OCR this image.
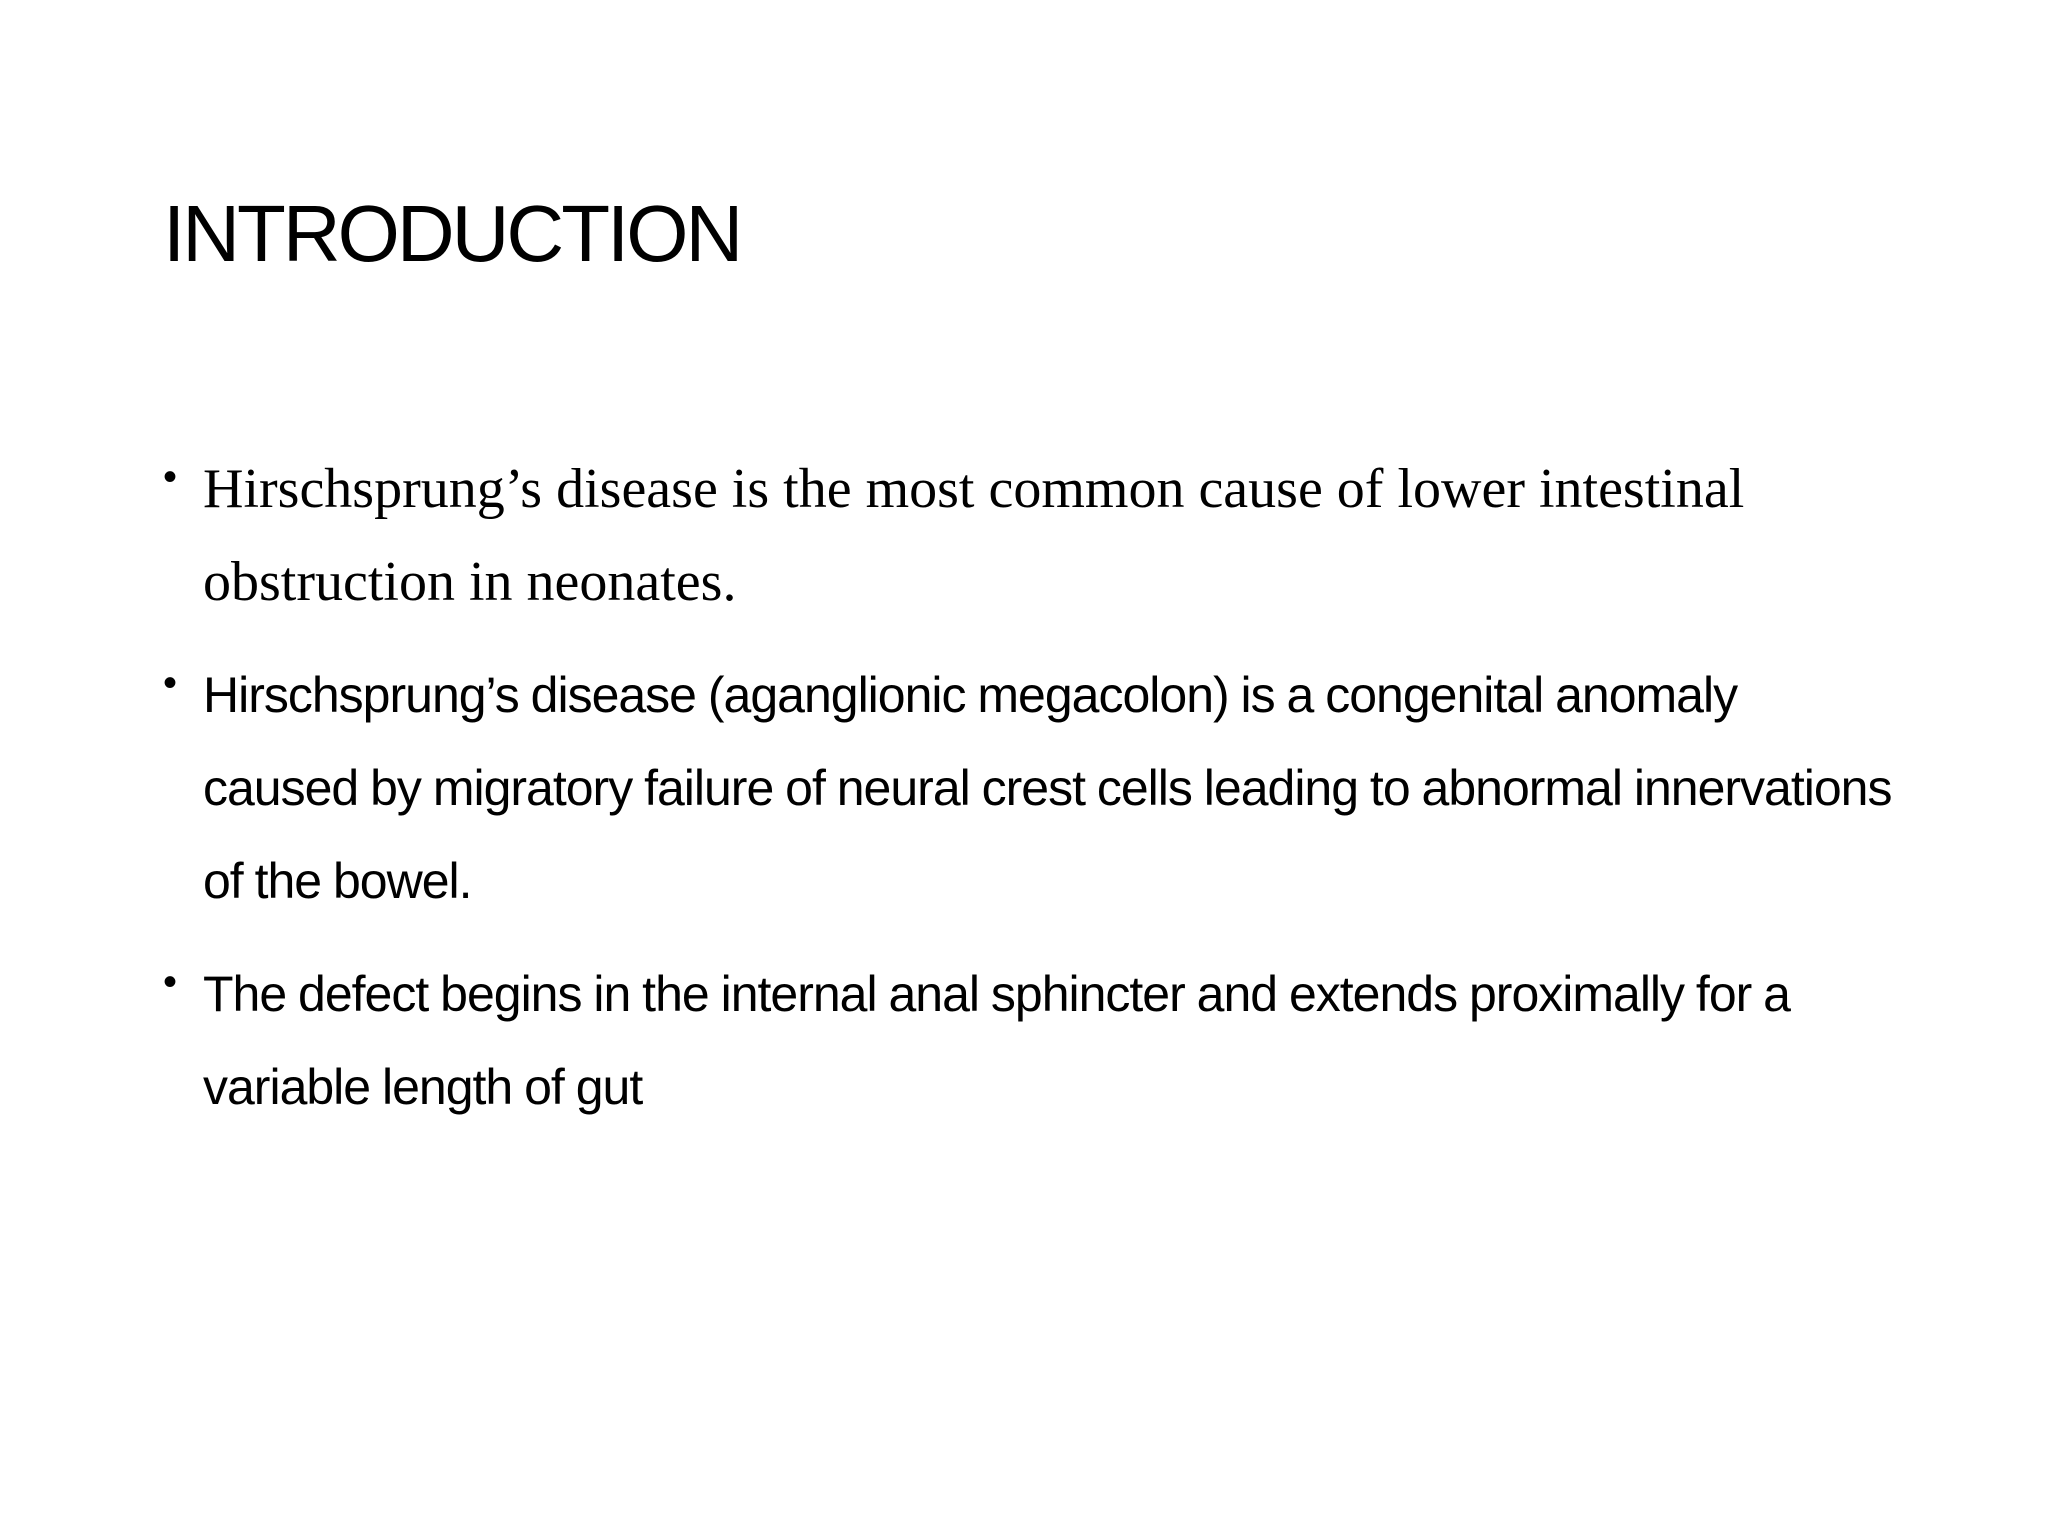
INTRODUCTION
• Hirschsprung’s disease is the most common cause of lower intestinal obstruction in neonates.
• Hirschsprung’s disease (aganglionic megacolon) is a congenital anomaly caused by migratory failure of neural crest cells leading to abnormal innervations of the bowel.
• The defect begins in the internal anal sphincter and extends proximally for a variable length of gut
